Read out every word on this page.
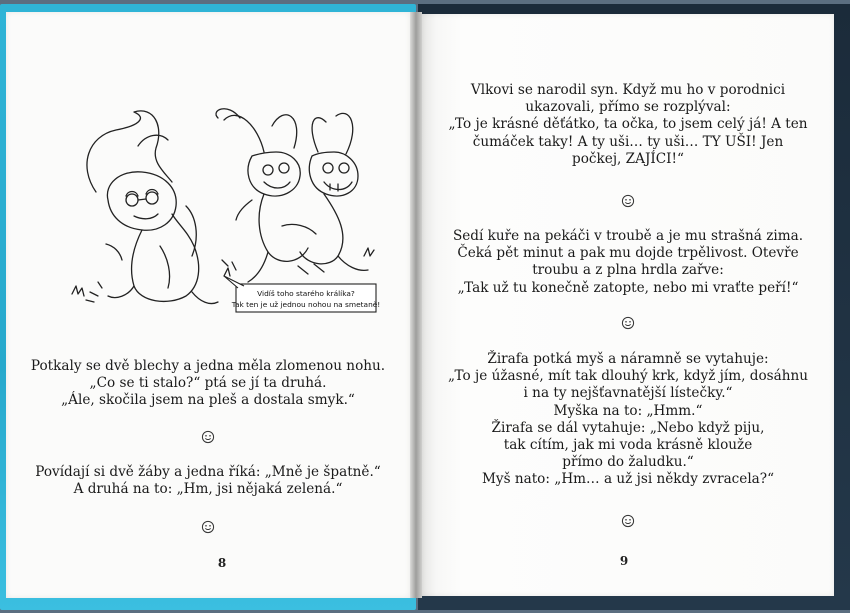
Vidíš toho starého králíka?
Tak ten je už jednou nohou na smetaně!
Potkaly se dvě blechy a jedna měla zlomenou nohu.
„Co se ti stalo?“ ptá se jí ta druhá.
„Ále, skočila jsem na pleš a dostala smyk.“
Povídají si dvě žáby a jedna říká: „Mně je špatně.“
A druhá na to: „Hm, jsi nějaká zelená.“
8
Vlkovi se narodil syn. Když mu ho v porodnici
ukazovali, přímo se rozplýval:
„To je krásné děťátko, ta očka, to jsem celý já! A ten
čumáček taky! A ty uši… ty uši… TY UŠI! Jen
počkej, ZAJÍCI!“
Sedí kuře na pekáči v troubě a je mu strašná zima.
Čeká pět minut a pak mu dojde trpělivost. Otevře
troubu a z plna hrdla zařve:
„Tak už tu konečně zatopte, nebo mi vraťte peří!“
Žirafa potká myš a náramně se vytahuje:
„To je úžasné, mít tak dlouhý krk, když jím, dosáhnu
i na ty nejšťavnatější lístečky.“
Myška na to: „Hmm.“
Žirafa se dál vytahuje: „Nebo když piju,
tak cítím, jak mi voda krásně klouže
přímo do žaludku.“
Myš nato: „Hm… a už jsi někdy zvracela?“
9
